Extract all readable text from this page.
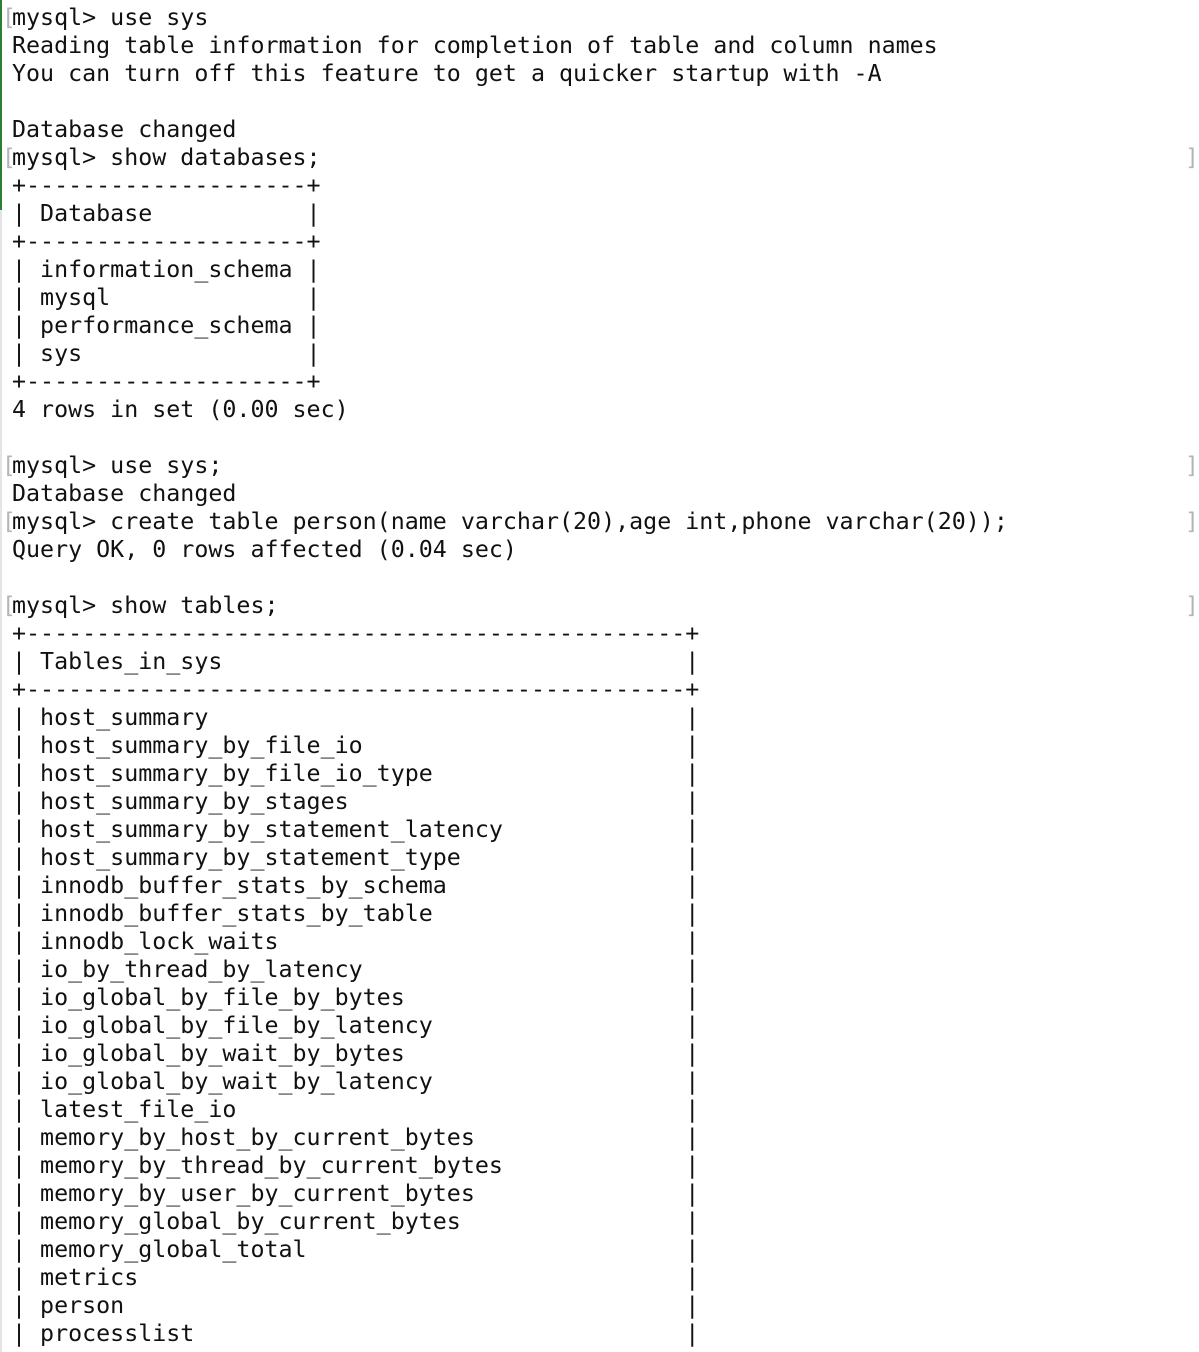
mysql> use sys
Reading table information for completion of table and column names
You can turn off this feature to get a quicker startup with -A
Database changed
mysql> show databases;
+--------------------+
| Database           |
+--------------------+
| information_schema |
| mysql              |
| performance_schema |
| sys                |
+--------------------+
4 rows in set (0.00 sec)
mysql> use sys;
Database changed
mysql> create table person(name varchar(20),age int,phone varchar(20));
Query OK, 0 rows affected (0.04 sec)
mysql> show tables;
+-----------------------------------------------+
| Tables_in_sys                                 |
+-----------------------------------------------+
| host_summary                                  |
| host_summary_by_file_io                       |
| host_summary_by_file_io_type                  |
| host_summary_by_stages                        |
| host_summary_by_statement_latency             |
| host_summary_by_statement_type                |
| innodb_buffer_stats_by_schema                 |
| innodb_buffer_stats_by_table                  |
| innodb_lock_waits                             |
| io_by_thread_by_latency                       |
| io_global_by_file_by_bytes                    |
| io_global_by_file_by_latency                  |
| io_global_by_wait_by_bytes                    |
| io_global_by_wait_by_latency                  |
| latest_file_io                                |
| memory_by_host_by_current_bytes               |
| memory_by_thread_by_current_bytes             |
| memory_by_user_by_current_bytes               |
| memory_global_by_current_bytes                |
| memory_global_total                           |
| metrics                                       |
| person                                        |
| processlist                                   |
[
[	]
[	]
[	]
[	]
